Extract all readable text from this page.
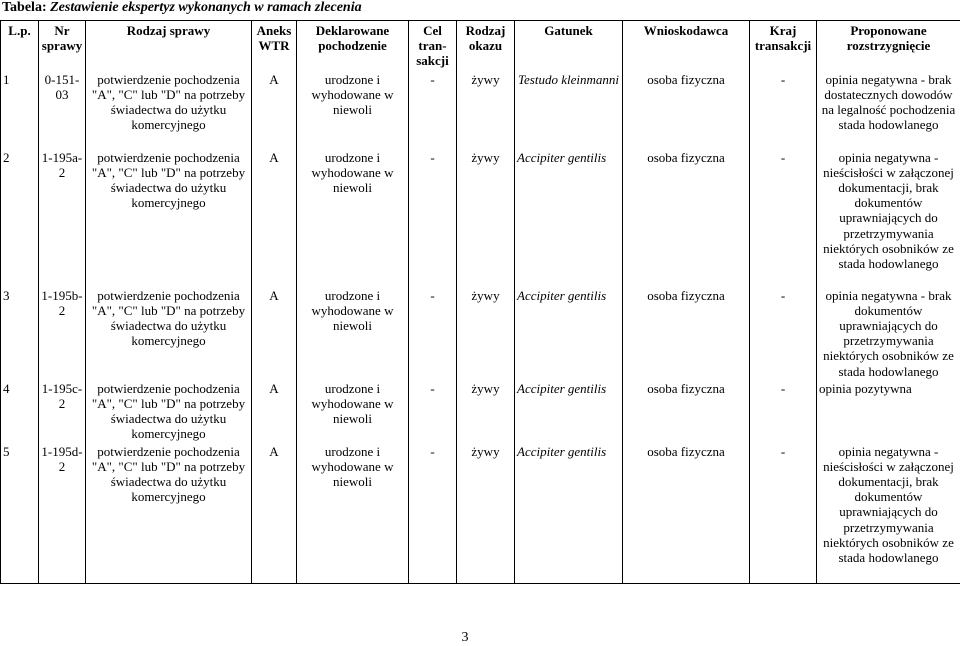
Tabela: Zestawienie ekspertyz wykonanych w ramach zlecenia
L.p.	Nr sprawy	Rodzaj sprawy	Aneks WTR	Deklarowane pochodzenie	Cel tran-sakcji	Rodzaj okazu	Gatunek	Wnioskodawca	Kraj transakcji	Proponowane rozstrzygnięcie
1	0-151-03	potwierdzenie pochodzenia "A", "C" lub "D" na potrzeby świadectwa do użytku komercyjnego	A	urodzone i wyhodowane w niewoli	-	żywy	Testudo kleinmanni	osoba fizyczna	-	opinia negatywna - brak dostatecznych dowodów na legalność pochodzenia stada hodowlanego
2	1-195a-2	potwierdzenie pochodzenia "A", "C" lub "D" na potrzeby świadectwa do użytku komercyjnego	A	urodzone i wyhodowane w niewoli	-	żywy	Accipiter gentilis	osoba fizyczna	-	opinia negatywna - nieścisłości w załączonej dokumentacji, brak dokumentów uprawniających do przetrzymywania niektórych osobników ze stada hodowlanego
3	1-195b-2	potwierdzenie pochodzenia "A", "C" lub "D" na potrzeby świadectwa do użytku komercyjnego	A	urodzone i wyhodowane w niewoli	-	żywy	Accipiter gentilis	osoba fizyczna	-	opinia negatywna - brak dokumentów uprawniających do przetrzymywania niektórych osobników ze stada hodowlanego
4	1-195c-2	potwierdzenie pochodzenia "A", "C" lub "D" na potrzeby świadectwa do użytku komercyjnego	A	urodzone i wyhodowane w niewoli	-	żywy	Accipiter gentilis	osoba fizyczna	-	opinia pozytywna
5	1-195d-2	potwierdzenie pochodzenia "A", "C" lub "D" na potrzeby świadectwa do użytku komercyjnego	A	urodzone i wyhodowane w niewoli	-	żywy	Accipiter gentilis	osoba fizyczna	-	opinia negatywna - nieścisłości w załączonej dokumentacji, brak dokumentów uprawniających do przetrzymywania niektórych osobników ze stada hodowlanego
3
